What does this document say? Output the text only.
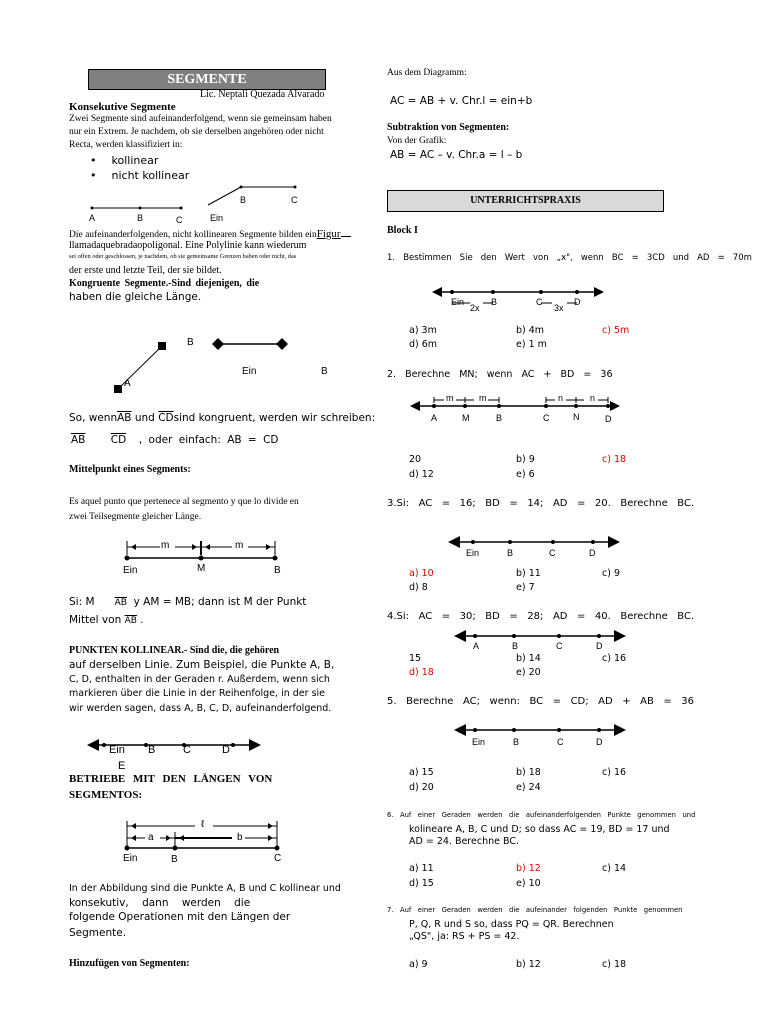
SEGMENTE
Lic. Neptali Quezada Alvarado
Konsekutive Segmente
Zwei Segmente sind aufeinanderfolgend, wenn sie gemeinsam haben
nur ein Extrem. Je nachdem, ob sie derselben angehören oder nicht
Recta, werden klassifiziert in:
• kollinear
• nicht kollinear
A	B	C	Ein
B	C
Die aufeinanderfolgenden, nicht kollinearen Segmente bilden einFigur
llamadaquebradaopoligonal. Eine Polylinie kann wiederum
sei offen oder geschlossen, je nachdem, ob sie gemeinsame Grenzen haben oder nicht, das
der erste und letzte Teil, der sie bildet.
Kongruente Segmente.-Sind diejenigen, die
haben die gleiche Länge.
A
B
Ein	B
So, $wenn\overline{AB}$ und $\overline{CD}\sin d$ kongruent, werden wir schreiben:
$\overline{AB}$ $\overline{CD}$ , oder einfach: AB = CD
Mittelpunkt eines Segments:
Es aquel punto que pertenece al segmento y que lo divide en
zwei Teilsegmente gleicher Länge.
m	m
Ein	M	B
Si: M $\overline{AB}$ y AM = MB; dann ist M der Punkt
Mittel von $\overline{AB}$ .
PUNKTEN KOLLINEAR.- Sind die, die gehören
auf derselben Linie. Zum Beispiel, die Punkte A, B,
C, D, enthalten in der Geraden r. Außerdem, wenn sich
markieren über die Linie in der Reihenfolge, in der sie
wir werden sagen, dass A, B, C, D, aufeinanderfolgend.
Ein B	C	D
E
BETRIEBE MIT DEN LÄNGEN VON
SEGMENTOS:
a	b
ℓ
Ein	B	C
In der Abbildung sind die Punkte A, B und C kollinear und
konsekutiv,    dann    werden    die
folgende Operationen mit den Längen der
Segmente.
Hinzufügen von Segmenten:
Aus dem Diagramm:
AC = AB + v. Chr.l = ein+b
Subtraktion von Segmenten:
Von der Grafik:
AB = AC – v. Chr.a = l – b
UNTERRICHTSPRAXIS
Block I
1.   Bestimmen   Sie   den   Wert   von   „x",   wenn   BC   =   3CD   und   AD   =   70m
Ein
2x
B	C
3x
D
a) 3m	b) 4m	c) 5m
d) 6m	e) 1 m
2.   Berechne   MN;   wenn   AC   +   BD   =   36
m	m	n	n
A	M	B	C	N	D
20	b) 9	c) 18
d) 12	e) 6
3.Si:   AC   =   16;   BD   =   14;   AD   =   20.   Berechne   BC.
Ein	B	C	D
a) 10	b) 11	c) 9
d) 8	e) 7
4.Si:   AC   =   30;   BD   =   28;   AD   =   40.   Berechne   BC.
A	B	C	D
15	b) 14	c) 16
d) 18	e) 20
5.   Berechne   AC;   wenn:   BC   =   CD;   AD   +   AB   =   36
Ein	B	C	D
a) 15	b) 18	c) 16
d) 20	e) 24
6.   Auf   einer   Geraden   werden   die   aufeinanderfolgenden   Punkte   genommen   und
kolineare A, B, C und D; so dass AC = 19, BD = 17 und
AD = 24. Berechne BC.
a) 11	b) 12	c) 14
d) 15	e) 10
7.   Auf   einer   Geraden   werden   die   aufeinander   folgenden   Punkte   genommen
P, Q, R und S so, dass PQ = QR. Berechnen
„QS", ja: RS + PS = 42.
a) 9	b) 12	c) 18
